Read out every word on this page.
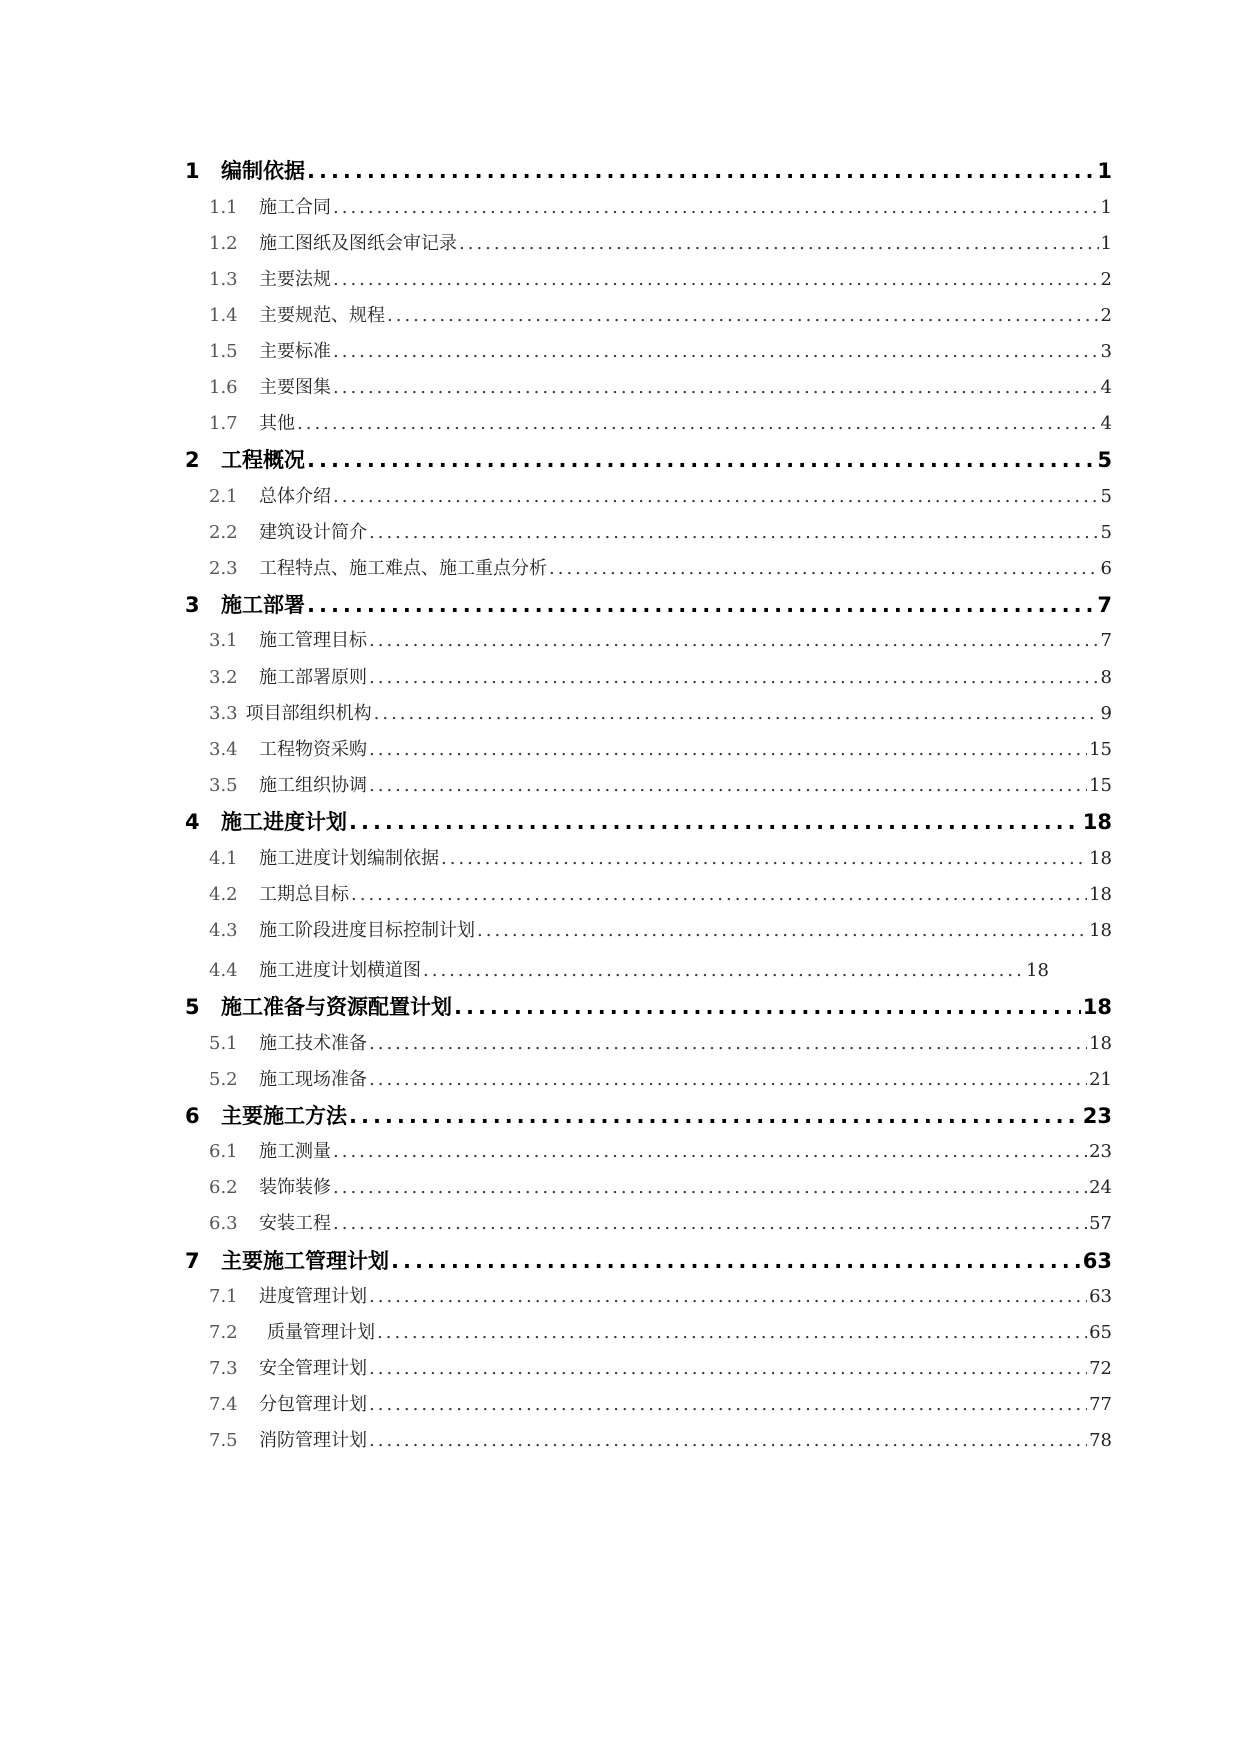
1	编制依据 .....	1
1.1	施工合同 .....	1
1.2	施工图纸及图纸会审记录 .....	1
1.3	主要法规 .....	2
1.4	主要规范、规程 .....	2
1.5	主要标准 .....	3
1.6	主要图集 .....	4
1.7	其他 .....	4
2	工程概况 .....	5
2.1	总体介绍 .....	5
2.2	建筑设计简介 .....	5
2.3	工程特点、施工难点、施工重点分析 .....	6
3	施工部署 .....	7
3.1	施工管理目标 .....	7
3.2	施工部署原则 .....	8
3.3 项目部组织机构 .....	9
3.4	工程物资采购 .....	15
3.5	施工组织协调 .....	15
4	施工进度计划 .....	18
4.1	施工进度计划编制依据 .....	18
4.2	工期总目标 .....	18
4.3	施工阶段进度目标控制计划 .....	18
4.4	施工进度计划横道图 .....	18
5	施工准备与资源配置计划 .....	18
5.1	施工技术准备 .....	18
5.2	施工现场准备 .....	21
6	主要施工方法 .....	23
6.1	施工测量 .....	23
6.2	装饰装修 .....	24
6.3	安装工程 .....	57
7	主要施工管理计划 .....	63
7.1	进度管理计划 .....	63
7.2	质量管理计划 .....	65
7.3	安全管理计划 .....	72
7.4	分包管理计划 .....	77
7.5	消防管理计划 .....	78
